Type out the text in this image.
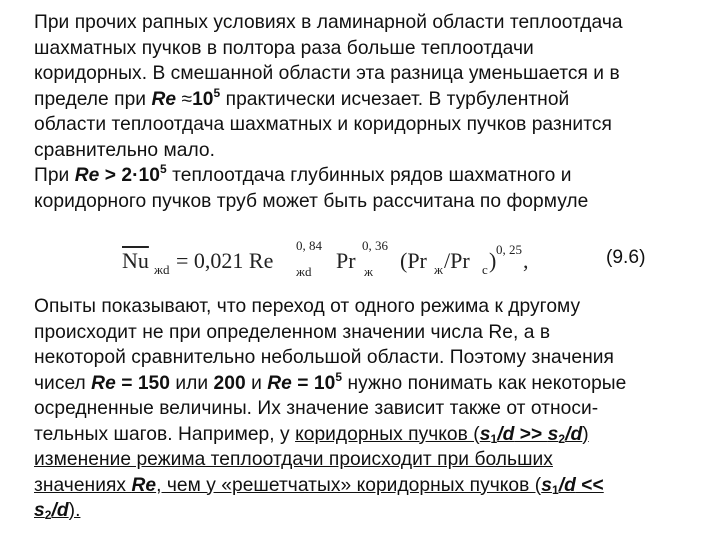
При прочих рапных условиях в ламинарной области теплоотдача
шахматных пучков в полтора раза больше теплоотдачи
коридорных. В смешанной области эта разница уменьшается и в
пределе при $Re \approx 10^5$ практически исчезает. В турбулентной
области теплоотдача шахматных и коридорных пучков разнится
сравнительно мало.
При $Re > 2\cdot 10^5$ теплоотдача глубинных рядов шахматного и
коридорного пучков труб может быть рассчитана по формуле
$\overline{Nu}$ жd = 0,021 Re
0, 84
жd Pr
0, 36
ж (Pr ж /Pr с ) 0, 25 ,	(9.6)
Опыты показывают, что переход от одного режима к другому
происходит не при определенном значении числа Re, а в
некоторой сравнительно небольшой области. Поэтому значения
чисел Re = 150 или 200 и $Re = 10^5$ нужно понимать как некоторые
осредненные величины. Их значение зависит также от относи-
тельных шагов. Например, у коридорных пучков $(s_1/d >> s_2/d)$
изменение режима теплоотдачи происходит при больших
значениях Re, чем у «решетчатых» коридорных пучков ($s_1/d$ <<
$s_2/d$).
